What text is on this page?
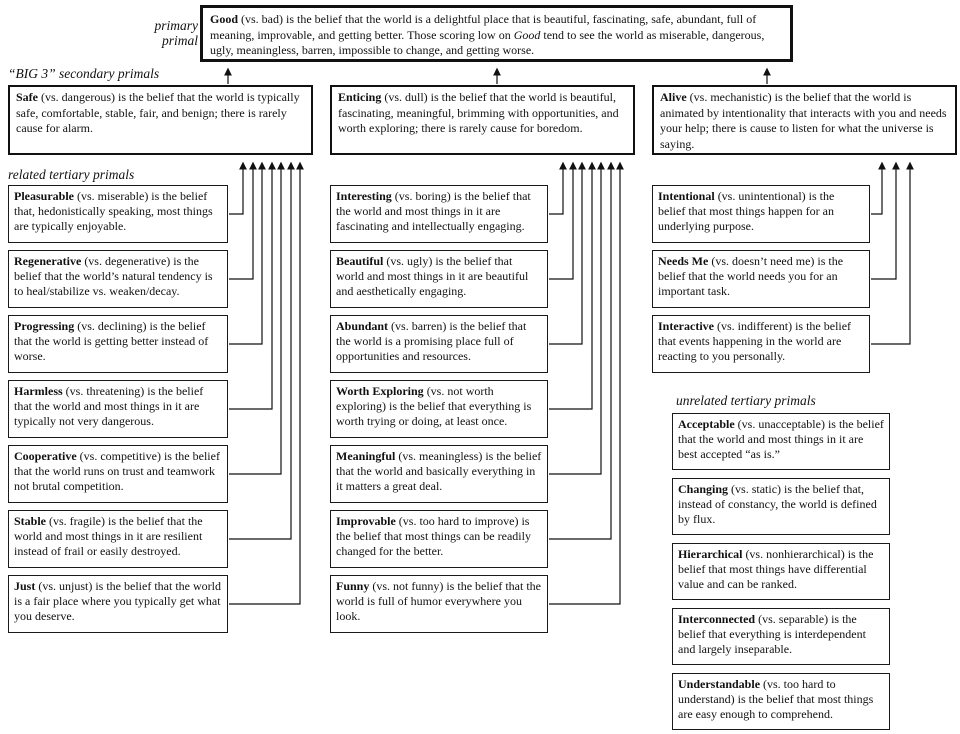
primary primal
Good (vs. bad) is the belief that the world is a delightful place that is beautiful, fascinating, safe, abundant, full of meaning, improvable, and getting better. Those scoring low on Good tend to see the world as miserable, dangerous, ugly, meaningless, barren, impossible to change, and getting worse.
“BIG 3” secondary primals
Safe (vs. dangerous) is the belief that the world is typically safe, comfortable, stable, fair, and benign; there is rarely cause for alarm.
Enticing (vs. dull) is the belief that the world is beautiful, fascinating, meaningful, brimming with opportunities, and worth exploring; there is rarely cause for boredom.
Alive (vs. mechanistic) is the belief that the world is animated by intentionality that interacts with you and needs your help; there is cause to listen for what the universe is saying.
related tertiary primals
Pleasurable (vs. miserable) is the belief that, hedonistically speaking, most things are typically enjoyable.
Regenerative (vs. degenerative) is the belief that the world’s natural tendency is to heal/stabilize vs. weaken/decay.
Progressing (vs. declining) is the belief that the world is getting better instead of worse.
Harmless (vs. threatening) is the belief that the world and most things in it are typically not very dangerous.
Cooperative (vs. competitive) is the belief that the world runs on trust and teamwork not brutal competition.
Stable (vs. fragile) is the belief that the world and most things in it are resilient instead of frail or easily destroyed.
Just (vs. unjust) is the belief that the world is a fair place where you typically get what you deserve.
Interesting (vs. boring) is the belief that the world and most things in it are fascinating and intellectually engaging.
Beautiful (vs. ugly) is the belief that world and most things in it are beautiful and aesthetically engaging.
Abundant (vs. barren) is the belief that the world is a promising place full of opportunities and resources.
Worth Exploring (vs. not worth exploring) is the belief that everything is worth trying or doing, at least once.
Meaningful (vs. meaningless) is the belief that the world and basically everything in it matters a great deal.
Improvable (vs. too hard to improve) is the belief that most things can be readily changed for the better.
Funny (vs. not funny) is the belief that the world is full of humor everywhere you look.
Intentional (vs. unintentional) is the belief that most things happen for an underlying purpose.
Needs Me (vs. doesn’t need me) is the belief that the world needs you for an important task.
Interactive (vs. indifferent) is the belief that events happening in the world are reacting to you personally.
unrelated tertiary primals
Acceptable (vs. unacceptable) is the belief that the world and most things in it are best accepted “as is.”
Changing (vs. static) is the belief that, instead of constancy, the world is defined by flux.
Hierarchical (vs. nonhierarchical) is the belief that most things have differential value and can be ranked.
Interconnected (vs. separable) is the belief that everything is interdependent and largely inseparable.
Understandable (vs. too hard to understand) is the belief that most things are easy enough to comprehend.
